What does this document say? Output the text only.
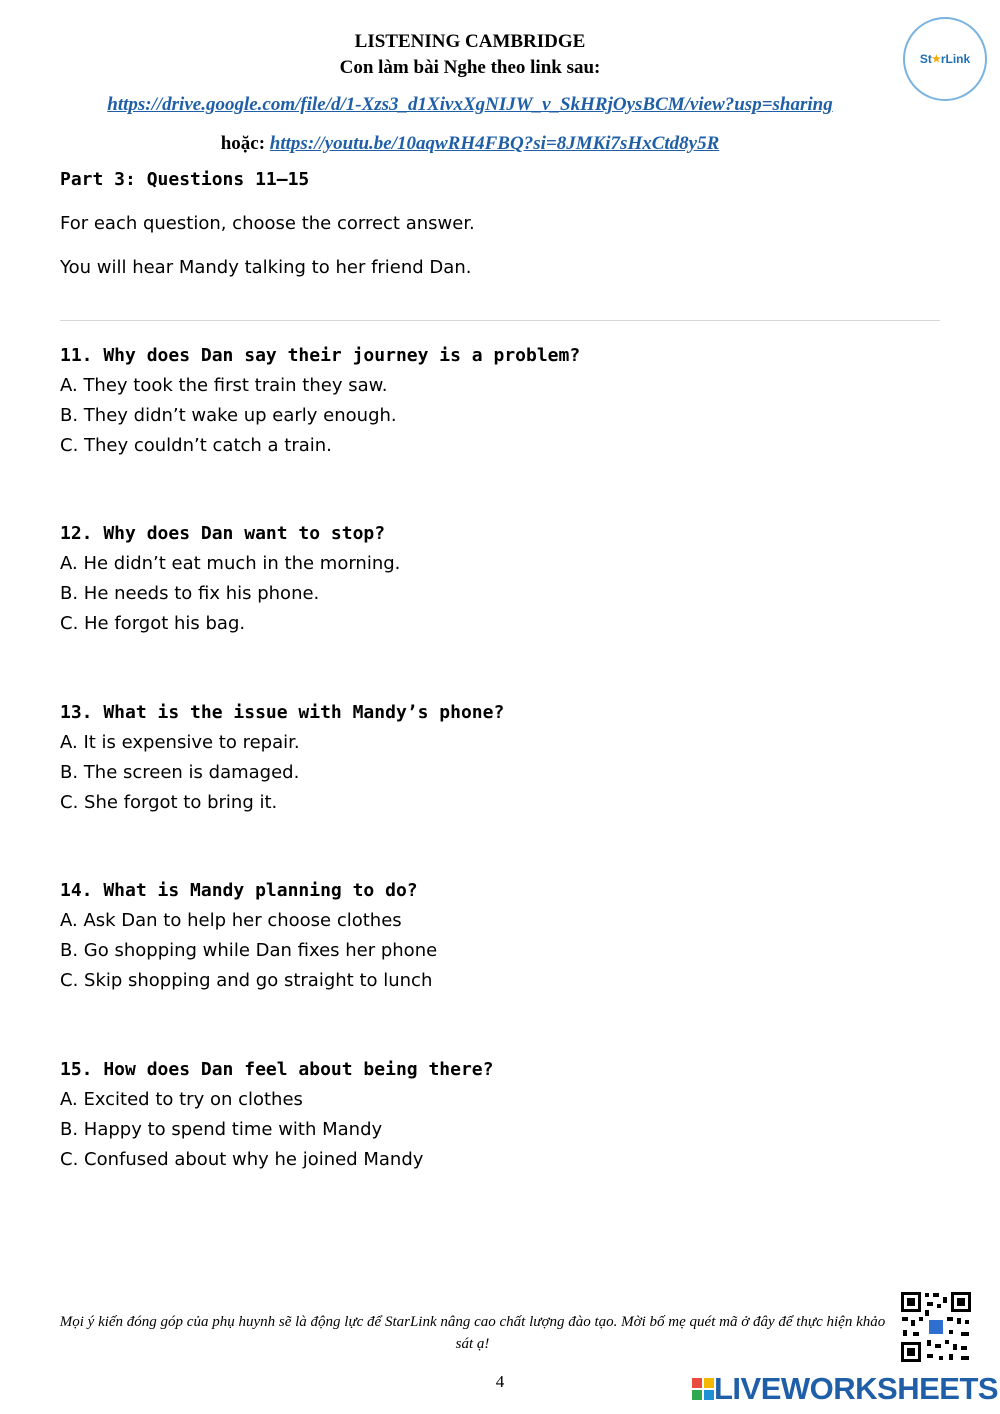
LISTENING CAMBRIDGE
Con làm bài Nghe theo link sau:
https://drive.google.com/file/d/1-Xzs3_d1XivxXgNIJW_v_SkHRjOysBCM/view?usp=sharing
hoặc: https://youtu.be/10aqwRH4FBQ?si=8JMKi7sHxCtd8y5R
St ★ rLink
Part 3: Questions 11–15
For each question, choose the correct answer.
You will hear Mandy talking to her friend Dan.
11. Why does Dan say their journey is a problem?
A. They took the first train they saw.
B. They didn’t wake up early enough.
C. They couldn’t catch a train.
12. Why does Dan want to stop?
A. He didn’t eat much in the morning.
B. He needs to fix his phone.
C. He forgot his bag.
13. What is the issue with Mandy’s phone?
A. It is expensive to repair.
B. The screen is damaged.
C. She forgot to bring it.
14. What is Mandy planning to do?
A. Ask Dan to help her choose clothes
B. Go shopping while Dan fixes her phone
C. Skip shopping and go straight to lunch
15. How does Dan feel about being there?
A. Excited to try on clothes
B. Happy to spend time with Mandy
C. Confused about why he joined Mandy
Mọi ý kiến đóng góp của phụ huynh sẽ là động lực để StarLink nâng cao chất lượng đào tạo. Mời bố mẹ quét mã ở đây để thực hiện khảo sát ạ!
4	LIVEWORKSHEETS
